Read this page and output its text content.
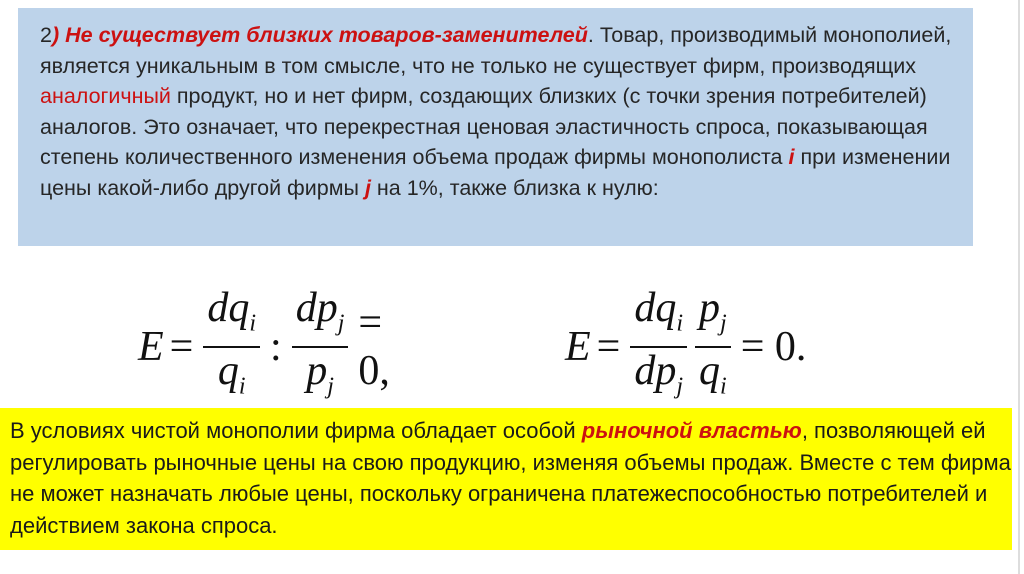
2) Не существует близких товаров-заменителей. Товар, производимый монополией, является уникальным в том смысле, что не только не существует фирм, производящих аналогичный продукт, но и нет фирм, создающих близких (с точки зрения потребителей) аналогов. Это означает, что перекрестная ценовая эластичность спроса, показывающая степень количественного изменения объема продаж фирмы монополиста i при изменении цены какой-либо другой фирмы j на 1%, также близка к нулю:
$E = \frac{dq_i}{q_i}$ : $\frac{dp_j}{p_j} = 0$,
$E = \frac{dq_i}{dp_j} \frac{p_j}{q_i} = 0$.
В условиях чистой монополии фирма обладает особой рыночной властью, позволяющей ей регулировать рыночные цены на свою продукцию, изменяя объемы продаж. Вместе с тем фирма не может назначать любые цены, поскольку ограничена платежеспособностью потребителей и действием закона спроса.
